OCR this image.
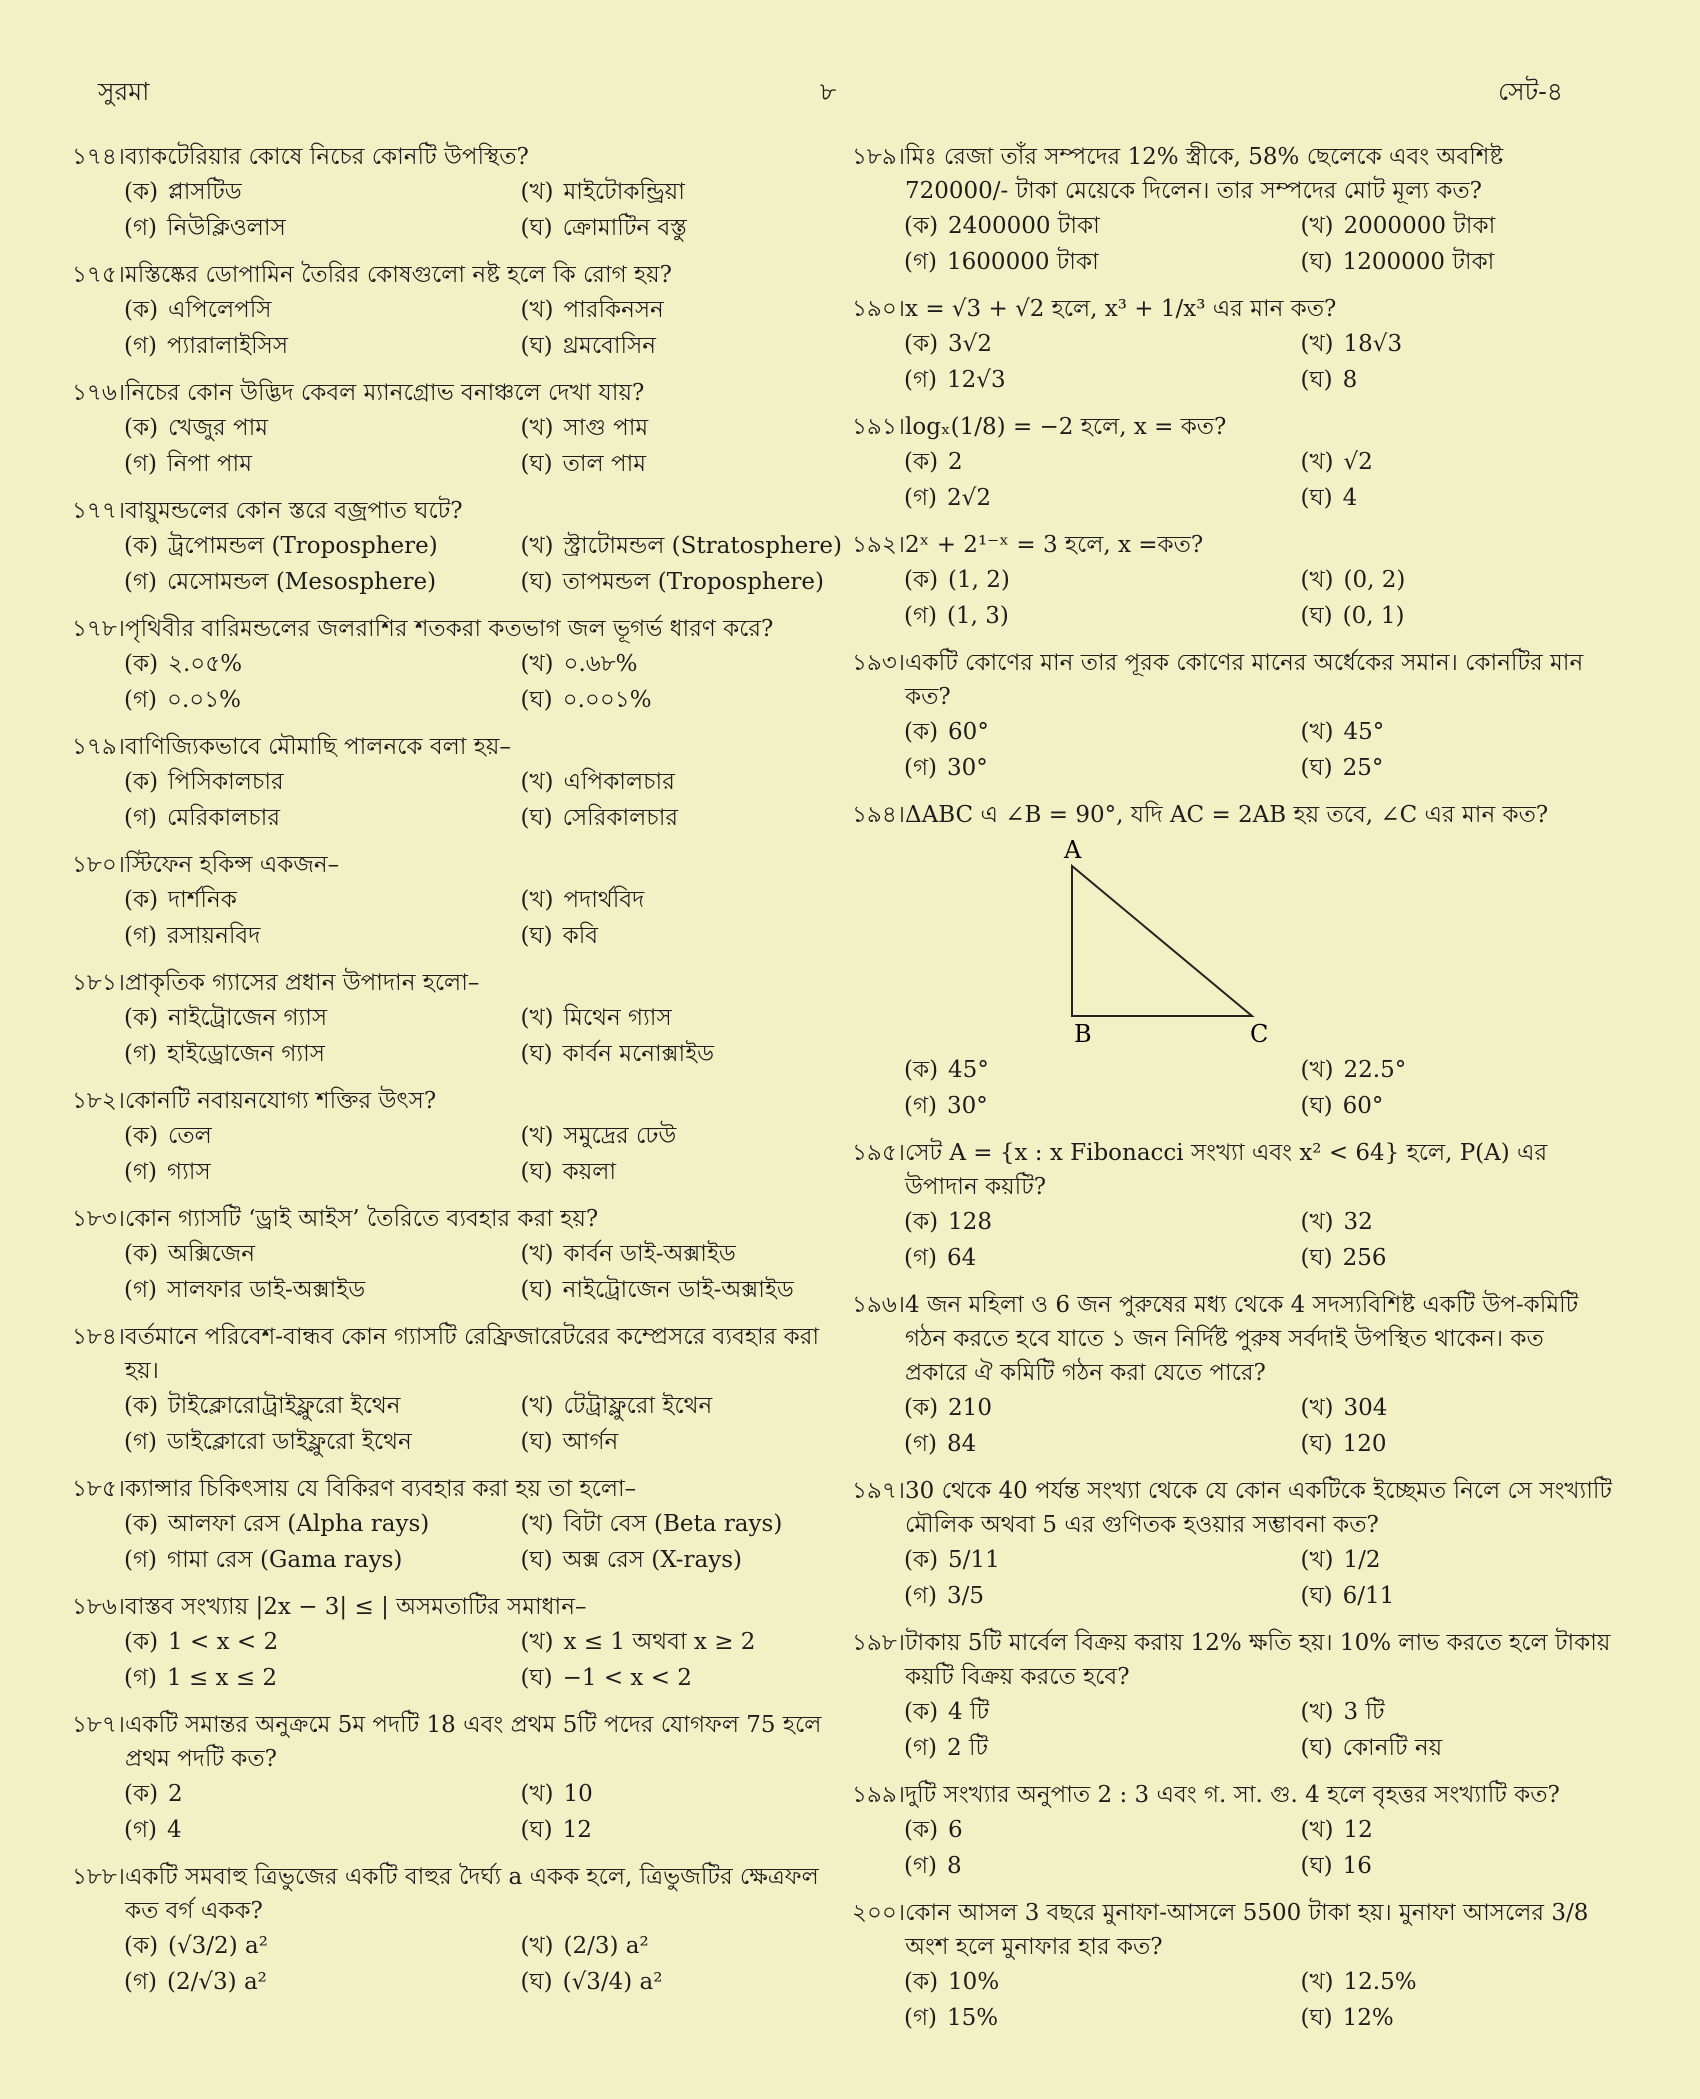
সুরমা	৮	সেট-৪
১৭৪। ব্যাকটেরিয়ার কোষে নিচের কোনটি উপস্থিত?
(ক) প্লাসটিড	(খ) মাইটোকন্ড্রিয়া
(গ) নিউক্লিওলাস	(ঘ) ক্রোমাটিন বস্তু
১৭৫। মস্তিষ্কের ডোপামিন তৈরির কোষগুলো নষ্ট হলে কি রোগ হয়?
(ক) এপিলেপসি	(খ) পারকিনসন
(গ) প্যারালাইসিস	(ঘ) থ্রমবোসিন
১৭৬। নিচের কোন উদ্ভিদ কেবল ম্যানগ্রোভ বনাঞ্চলে দেখা যায়?
(ক) খেজুর পাম	(খ) সাগু পাম
(গ) নিপা পাম	(ঘ) তাল পাম
১৭৭। বায়ুমন্ডলের কোন স্তরে বজ্রপাত ঘটে?
(ক) ট্রপোমন্ডল (Troposphere)	(খ) স্ট্রাটোমন্ডল (Stratosphere)
(গ) মেসোমন্ডল (Mesosphere)	(ঘ) তাপমন্ডল (Troposphere)
১৭৮। পৃথিবীর বারিমন্ডলের জলরাশির শতকরা কতভাগ জল ভূগর্ভ ধারণ করে?
(ক) ২.০৫%	(খ) ০.৬৮%
(গ) ০.০১%	(ঘ) ০.০০১%
১৭৯। বাণিজ্যিকভাবে মৌমাছি পালনকে বলা হয়–
(ক) পিসিকালচার	(খ) এপিকালচার
(গ) মেরিকালচার	(ঘ) সেরিকালচার
১৮০। স্টিফেন হকিন্স একজন–
(ক) দার্শনিক	(খ) পদার্থবিদ
(গ) রসায়নবিদ	(ঘ) কবি
১৮১। প্রাকৃতিক গ্যাসের প্রধান উপাদান হলো–
(ক) নাইট্রোজেন গ্যাস	(খ) মিথেন গ্যাস
(গ) হাইড্রোজেন গ্যাস	(ঘ) কার্বন মনোক্সাইড
১৮২। কোনটি নবায়নযোগ্য শক্তির উৎস?
(ক) তেল	(খ) সমুদ্রের ঢেউ
(গ) গ্যাস	(ঘ) কয়লা
১৮৩। কোন গ্যাসটি ‘ড্রাই আইস’ তৈরিতে ব্যবহার করা হয়?
(ক) অক্সিজেন	(খ) কার্বন ডাই-অক্সাইড
(গ) সালফার ডাই-অক্সাইড	(ঘ) নাইট্রোজেন ডাই-অক্সাইড
১৮৪। বর্তমানে পরিবেশ-বান্ধব কোন গ্যাসটি রেফ্রিজারেটরের কম্প্রেসরে ব্যবহার করা হয়।
(ক) টাইক্লোরোট্রাইফ্লুরো ইথেন	(খ) টেট্রাফ্লুরো ইথেন
(গ) ডাইক্লোরো ডাইফ্লুরো ইথেন	(ঘ) আর্গন
১৮৫। ক্যান্সার চিকিৎসায় যে বিকিরণ ব্যবহার করা হয় তা হলো–
(ক) আলফা রেস (Alpha rays)	(খ) বিটা বেস (Beta rays)
(গ) গামা রেস (Gama rays)	(ঘ) অক্স রেস (X-rays)
১৮৬। বাস্তব সংখ্যায় |2x − 3| ≤ | অসমতাটির সমাধান–
(ক) 1 < x < 2	(খ) x ≤ 1 অথবা x ≥ 2
(গ) 1 ≤ x ≤ 2	(ঘ) −1 < x < 2
১৮৭। একটি সমান্তর অনুক্রমে 5ম পদটি 18 এবং প্রথম 5টি পদের যোগফল 75 হলে প্রথম পদটি কত?
(ক) 2	(খ) 10
(গ) 4	(ঘ) 12
১৮৮। একটি সমবাহু ত্রিভুজের একটি বাহুর দৈর্ঘ্য a একক হলে, ত্রিভুজটির ক্ষেত্রফল কত বর্গ একক?
(ক) (√3/2) a²	(খ) (2/3) a²
(গ) (2/√3) a²	(ঘ) (√3/4) a²
১৮৯। মিঃ রেজা তাঁর সম্পদের 12% স্ত্রীকে, 58% ছেলেকে এবং অবশিষ্ট 720000/- টাকা মেয়েকে দিলেন। তার সম্পদের মোট মূল্য কত?
(ক) 2400000 টাকা	(খ) 2000000 টাকা
(গ) 1600000 টাকা	(ঘ) 1200000 টাকা
১৯০। x = √3 + √2 হলে, x³ + 1/x³ এর মান কত?
(ক) 3√2	(খ) 18√3
(গ) 12√3	(ঘ) 8
১৯১। logₓ(1/8) = −2 হলে, x = কত?
(ক) 2	(খ) √2
(গ) 2√2	(ঘ) 4
১৯২। 2ˣ + 2¹⁻ˣ = 3 হলে, x =কত?
(ক) (1, 2)	(খ) (0, 2)
(গ) (1, 3)	(ঘ) (0, 1)
১৯৩। একটি কোণের মান তার পূরক কোণের মানের অর্ধেকের সমান। কোনটির মান কত?
(ক) 60°	(খ) 45°
(গ) 30°	(ঘ) 25°
১৯৪। ΔABC এ ∠B = 90°, যদি AC = 2AB হয় তবে, ∠C এর মান কত?
A
B	C
(ক) 45°	(খ) 22.5°
(গ) 30°	(ঘ) 60°
১৯৫। সেট A = {x : x Fibonacci সংখ্যা এবং x² < 64} হলে, P(A) এর উপাদান কয়টি?
(ক) 128	(খ) 32
(গ) 64	(ঘ) 256
১৯৬। 4 জন মহিলা ও 6 জন পুরুষের মধ্য থেকে 4 সদস্যবিশিষ্ট একটি উপ-কমিটি গঠন করতে হবে যাতে ১ জন নির্দিষ্ট পুরুষ সর্বদাই উপস্থিত থাকেন। কত প্রকারে ঐ কমিটি গঠন করা যেতে পারে?
(ক) 210	(খ) 304
(গ) 84	(ঘ) 120
১৯৭। 30 থেকে 40 পর্যন্ত সংখ্যা থেকে যে কোন একটিকে ইচ্ছেমত নিলে সে সংখ্যাটি মৌলিক অথবা 5 এর গুণিতক হওয়ার সম্ভাবনা কত?
(ক) 5/11	(খ) 1/2
(গ) 3/5	(ঘ) 6/11
১৯৮। টাকায় 5টি মার্বেল বিক্রয় করায় 12% ক্ষতি হয়। 10% লাভ করতে হলে টাকায় কয়টি বিক্রয় করতে হবে?
(ক) 4 টি	(খ) 3 টি
(গ) 2 টি	(ঘ) কোনটি নয়
১৯৯। দুটি সংখ্যার অনুপাত 2 : 3 এবং গ. সা. গু. 4 হলে বৃহত্তর সংখ্যাটি কত?
(ক) 6	(খ) 12
(গ) 8	(ঘ) 16
২০০। কোন আসল 3 বছরে মুনাফা-আসলে 5500 টাকা হয়। মুনাফা আসলের 3/8 অংশ হলে মুনাফার হার কত?
(ক) 10%	(খ) 12.5%
(গ) 15%	(ঘ) 12%
